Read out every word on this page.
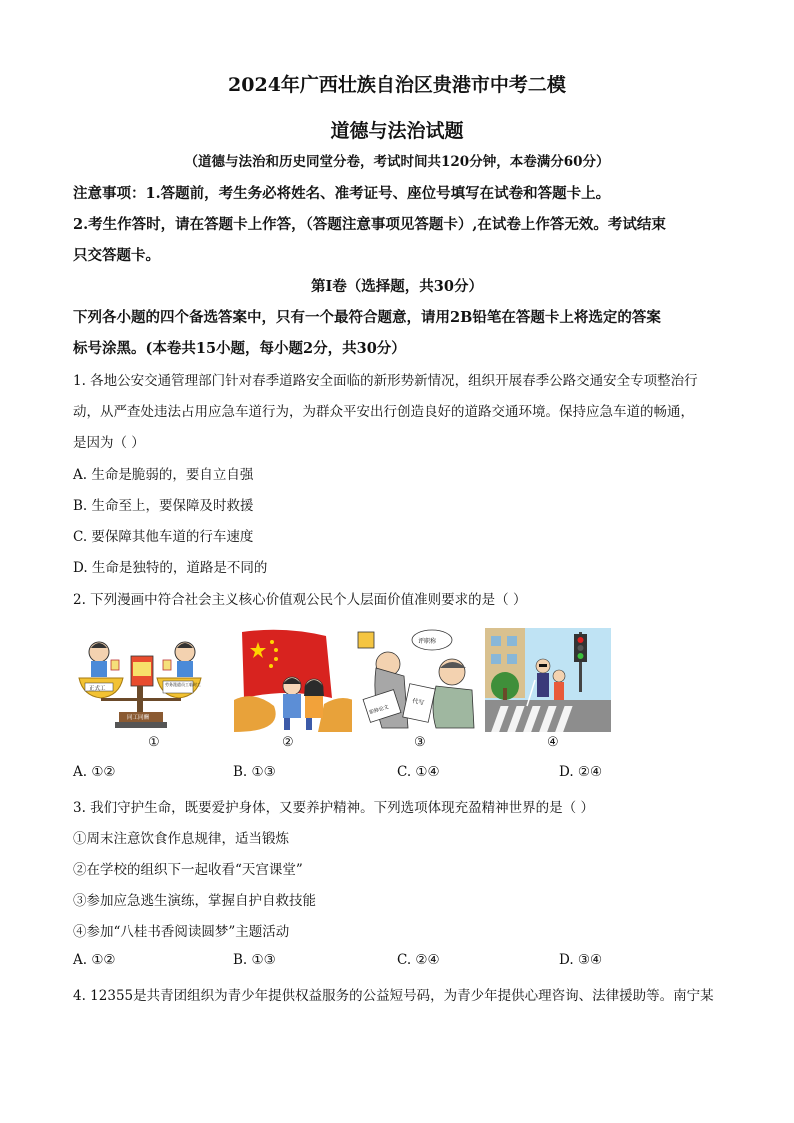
2024年广西壮族自治区贵港市中考二模
道德与法治试题
（道德与法治和历史同堂分卷，考试时间共120分钟，本卷满分60分）
注意事项：1.答题前，考生务必将姓名、准考证号、座位号填写在试卷和答题卡上。
2.考生作答时，请在答题卡上作答，（答题注意事项见答题卡）,在试卷上作答无效。考试结束
只交答题卡。
第Ⅰ卷（选择题，共30分）
下列各小题的四个备选答案中，只有一个最符合题意，请用2B铅笔在答题卡上将选定的答案
标号涂黑。(本卷共15小题，每小题2分，共30分）
1. 各地公安交通管理部门针对春季道路安全面临的新形势新情况，组织开展春季公路交通安全专项整治行
动，从严查处违法占用应急车道行为，为群众平安出行创造良好的道路交通环境。保持应急车道的畅通，
是因为（ ）
A. 生命是脆弱的，要自立自强
B. 生命至上，要保障及时救援
C. 要保障其他车道的行车速度
D. 生命是独特的，道路是不同的
2. 下列漫画中符合社会主义核心价值观公民个人层面价值准则要求的是（ ）
正式工
劳务派遣员工临时工
同工同酬
评职称
职称论文
代写
①	②	③	④
A. ①②	B. ①③	C. ①④	D. ②④
3. 我们守护生命，既要爱护身体，又要养护精神。下列选项体现充盈精神世界的是（ ）
①周末注意饮食作息规律，适当锻炼
②在学校的组织下一起收看“天宫课堂”
③参加应急逃生演练，掌握自护自救技能
④参加“八桂书香阅读圆梦”主题活动
A. ①②	B. ①③	C. ②④	D. ③④
4. 12355是共青团组织为青少年提供权益服务的公益短号码，为青少年提供心理咨询、法律援助等。南宁某
